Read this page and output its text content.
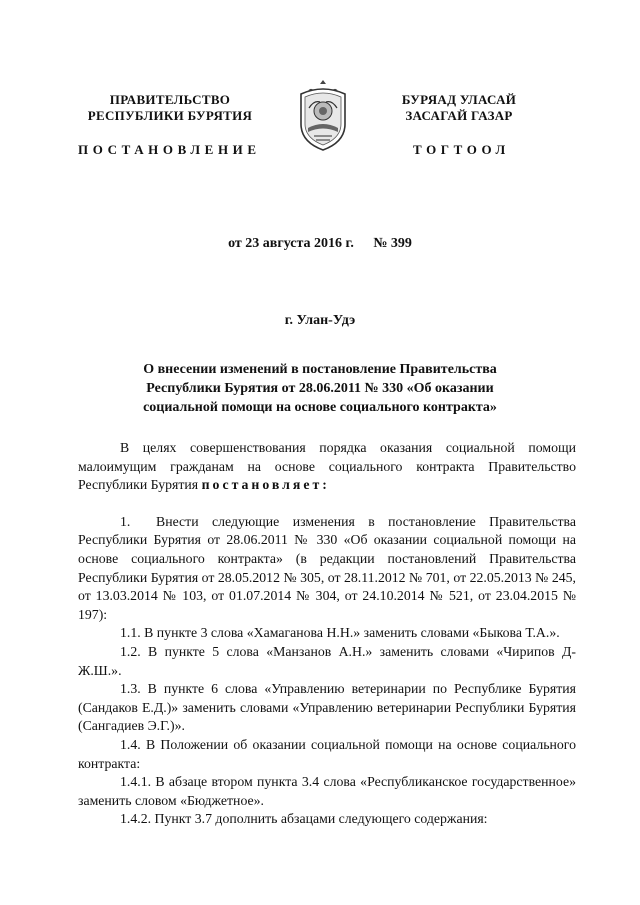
ПРАВИТЕЛЬСТВО
РЕСПУБЛИКИ БУРЯТИЯ
ПОСТАНОВЛЕНИЕ
БУРЯАД УЛАСАЙ
ЗАСАГАЙ ГАЗАР
ТОГТООЛ
от 23 августа 2016 г. № 399
г. Улан-Удэ
О внесении изменений в постановление Правительства
Республики Бурятия от 28.06.2011 № 330 «Об оказании
социальной помощи на основе социального контракта»

В целях совершенствования порядка оказания социальной помощи малоимущим гражданам на основе социального контракта Правительство Республики Бурятия постановляет:

1. Внести следующие изменения в постановление Правительства Республики Бурятия от 28.06.2011 № 330 «Об оказании социальной помощи на основе социального контракта» (в редакции постановлений Правительства Республики Бурятия от 28.05.2012 № 305, от 28.11.2012 № 701, от 22.05.2013 № 245, от 13.03.2014 № 103, от 01.07.2014 № 304, от 24.10.2014 № 521, от 23.04.2015 № 197):

1.1. В пункте 3 слова «Хамаганова Н.Н.» заменить словами «Быкова Т.А.».

1.2. В пункте 5 слова «Манзанов А.Н.» заменить словами «Чирипов Д-Ж.Ш.».

1.3. В пункте 6 слова «Управлению ветеринарии по Республике Бурятия (Сандаков Е.Д.)» заменить словами «Управлению ветеринарии Республики Бурятия (Сангадиев Э.Г.)».

1.4. В Положении об оказании социальной помощи на основе социального контракта:

1.4.1. В абзаце втором пункта 3.4 слова «Республиканское государственное» заменить словом «Бюджетное».

1.4.2. Пункт 3.7 дополнить абзацами следующего содержания:
